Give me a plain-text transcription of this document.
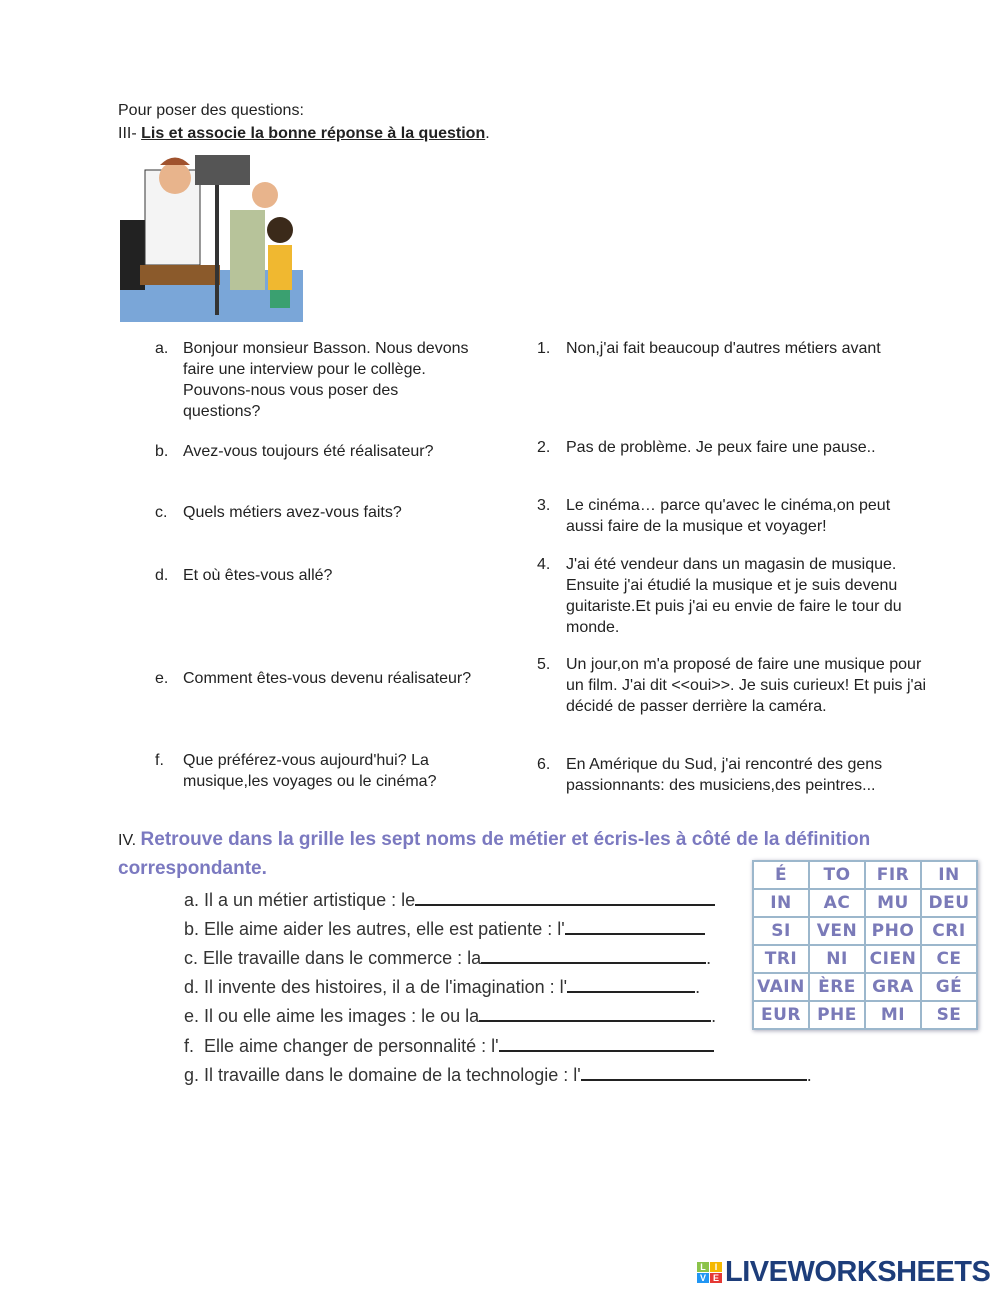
Pour poser des questions:
III- Lis et associe la bonne réponse à la question.
a. Bonjour monsieur Basson. Nous devons faire une interview pour le collège. Pouvons-nous vous poser des questions?
b. Avez-vous toujours été réalisateur?
c. Quels métiers avez-vous faits?
d. Et où êtes-vous allé?
e. Comment êtes-vous devenu réalisateur?
f. Que préférez-vous aujourd'hui? La musique,les voyages ou le cinéma?
1. Non,j'ai fait beaucoup d'autres métiers avant
2. Pas de problème. Je peux faire une pause..
3. Le cinéma… parce qu'avec le cinéma,on peut aussi faire de la musique et voyager!
4. J'ai été vendeur dans un magasin de musique. Ensuite j'ai étudié la musique et je suis devenu guitariste.Et puis j'ai eu envie de faire le tour du monde.
5. Un jour,on m'a proposé de faire une musique pour un film. J'ai dit <<oui>>. Je suis curieux! Et puis j'ai décidé de passer derrière la caméra.
6. En Amérique du Sud, j'ai rencontré des gens passionnants: des musiciens,des peintres...
IV. Retrouve dans la grille les sept noms de métier et écris-les à côté de la définition correspondante.
a. Il a un métier artistique : le
b. Elle aime aider les autres, elle est patiente : l'
c. Elle travaille dans le commerce : la	.
d. Il invente des histoires, il a de l'imagination : l'	.
e. Il ou elle aime les images : le ou la	.
f.  Elle aime changer de personnalité : l'
g. Il travaille dans le domaine de la technologie : l'	.
É	TO	FIR	IN
IN	AC	MU	DEU
SI	VEN	PHO	CRI
TRI	NI	CIEN	CE
VAIN	ÈRE	GRA	GÉ
EUR	PHE	MI	SE
L I
V E LIVEWORKSHEETS
